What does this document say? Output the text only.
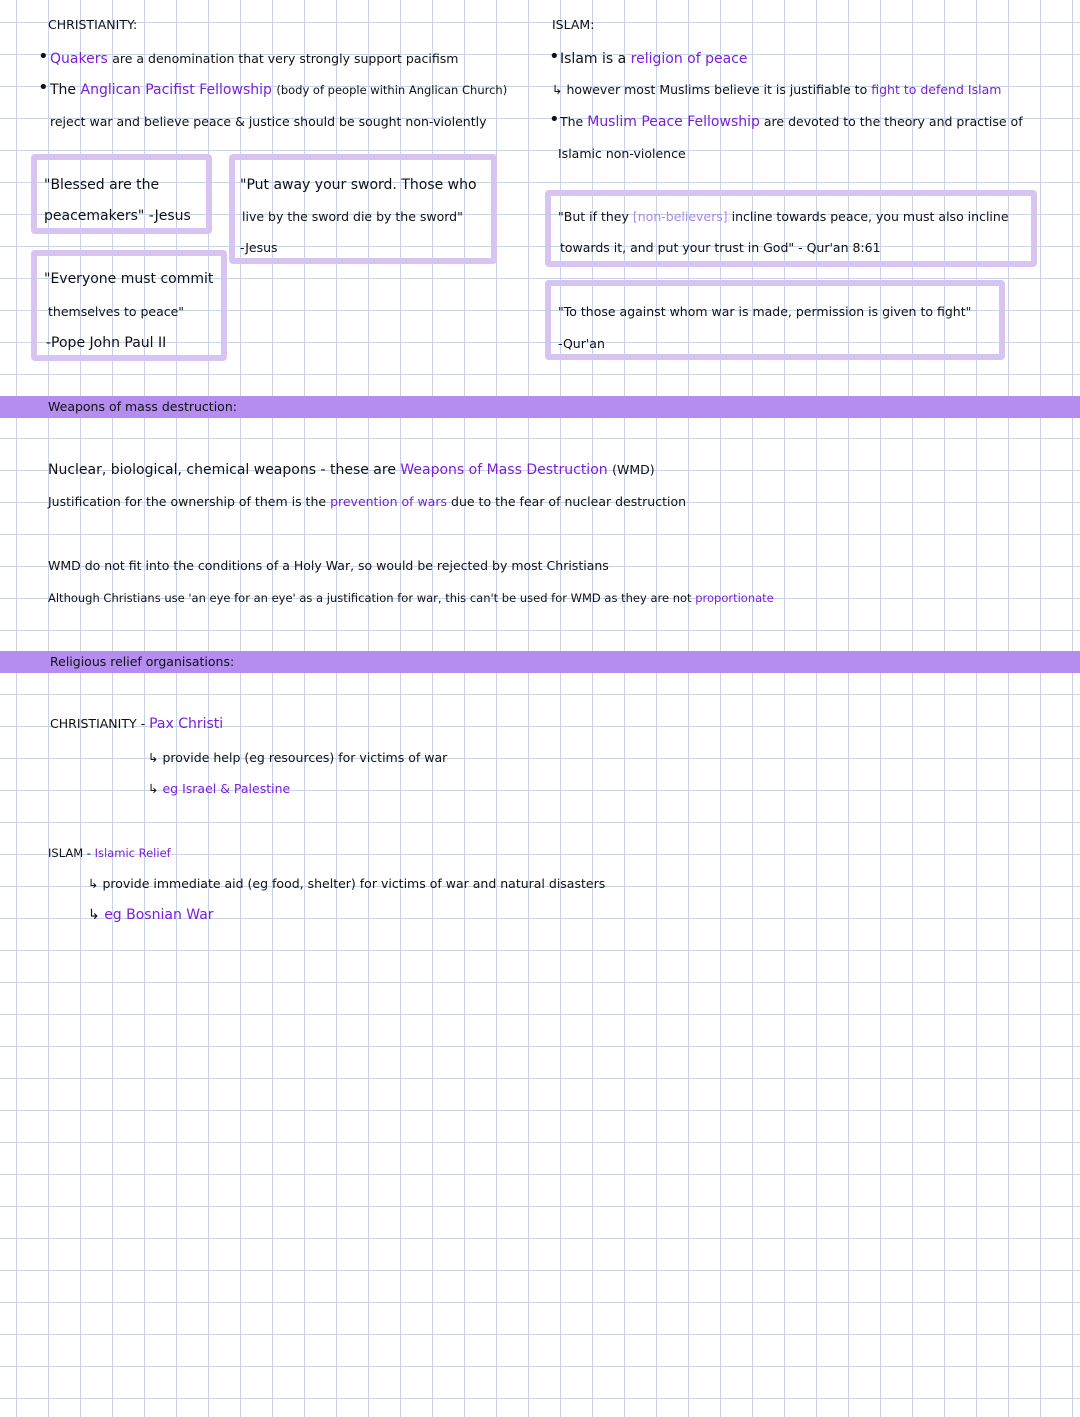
CHRISTIANITY:
• Quakers are a denomination that very strongly support pacifism
• The Anglican Pacifist Fellowship (body of people within Anglican Church)
reject war and believe peace & justice should be sought non-violently
"Blessed are the
peacemakers" -Jesus
"Put away your sword. Those who
live by the sword die by the sword"
-Jesus
"Everyone must commit
themselves to peace"
-Pope John Paul II
ISLAM:
• Islam is a religion of peace
↳ however most Muslims believe it is justifiable to fight to defend Islam
• The Muslim Peace Fellowship are devoted to the theory and practise of
Islamic non-violence
"But if they [non-believers] incline towards peace, you must also incline
towards it, and put your trust in God" - Qur'an 8:61
"To those against whom war is made, permission is given to fight"
-Qur'an
Weapons of mass destruction:
Nuclear, biological, chemical weapons - these are Weapons of Mass Destruction (WMD)
Justification for the ownership of them is the prevention of wars due to the fear of nuclear destruction
WMD do not fit into the conditions of a Holy War, so would be rejected by most Christians
Although Christians use 'an eye for an eye' as a justification for war, this can't be used for WMD as they are not proportionate
Religious relief organisations:
CHRISTIANITY - Pax Christi
↳ provide help (eg resources) for victims of war
↳ eg Israel & Palestine
ISLAM - Islamic Relief
↳ provide immediate aid (eg food, shelter) for victims of war and natural disasters
↳ eg Bosnian War
